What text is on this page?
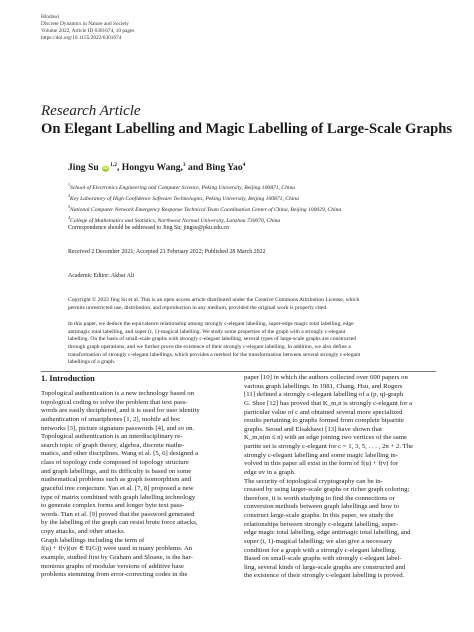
Hindawi
Discrete Dynamics in Nature and Society
Volume 2022, Article ID 6301674, 10 pages
https://doi.org/10.1155/2022/6301674
Research Article
On Elegant Labelling and Magic Labelling of Large-Scale Graphs
Jing Su iD$^{1,2}$, Hongyu Wang,$^3$ and Bing Yao$^4$
$^1$School of Electronics Engineering and Computer Science, Peking University, Beijing 100871, China
$^2$Key Laboratory of High Confidence Software Technologies, Peking University, Beijing 100871, China
$^3$National Computer Network Emergency Response Technical Team Coordination Center of China, Beijing 100029, China
$^4$College of Mathematics and Statistics, Northwest Normal University, Lanzhou 730070, China
Correspondence should be addressed to Jing Su; jingsu@pku.edu.cn
Received 2 December 2021; Accepted 21 February 2022; Published 28 March 2022
Academic Editor: Akbar Ali
Copyright © 2022 Jing Su et al. This is an open access article distributed under the Creative Commons Attribution License, which
permits unrestricted use, distribution, and reproduction in any medium, provided the original work is properly cited.
In this paper, we deduce the equivalence relationship among strongly c-elegant labelling, super-edge magic total labelling, edge
antimagic total labelling, and super (t, 1)-magical labelling. We study some properties of the graph with a strongly c-elegant
labelling. On the basis of small-scale graphs with strongly c-elegant labelling, several types of large-scale graphs are constructed
through graph operations, and we further prove the existence of their strongly c-elegant labelling. In addition, we also define a
transformation of strongly c-elegant labellings, which provides a method for the transformation between several strongly c-elegant
labellings of a graph.
1. Introduction
Topological authentication is a new technology based on
topological coding to solve the problem that text pass-
words are easily deciphered, and it is used for user identity
authentication of smartphones [1, 2], mobile ad hoc
networks [3], picture signature passwords [4], and so on.
Topological authentication is an interdisciplinary re-
search topic of graph theory, algebra, discrete mathe-
matics, and other disciplines. Wang et al. [5, 6] designed a
class of topology code composed of topology structure
and graph labellings, and its difficulty is based on some
mathematical problems such as graph isomorphism and
graceful tree conjecture. Yao et al. [7, 8] proposed a new
type of matrix combined with graph labelling technology
to generate complex forms and longer byte text pass-
words. Tian et al. [9] proved that the password generated
by the labelling of the graph can resist brute force attacks,
copy attacks, and other attacks.
Graph labellings including the term of
f(u) + f(v)(uv ∈ E(G)) were used in many problems. An
example, studied first by Graham and Sloane, is the har-
monious graphs of modular versions of additive base
problems stemming from error-correcting codes in the
paper [10] in which the authors collected over 600 papers on
various graph labellings. In 1981, Chang, Hsu, and Rogers
[11] defined a strongly c-elegant labelling of a (p, q)-graph
G. Shee [12] has proved that K_m,n is strongly c-elegant for a
particular value of c and obtained several more specialized
results pertaining to graphs formed from complete bipartite
graphs. Seoud and Elsakhawi [13] have shown that
K_m,n(m ≤ n) with an edge joining two vertices of the same
partite set is strongly c-elegant for c = 1, 3, 5, . . . , 2n + 2. The
strongly c-elegant labelling and some magic labelling in-
volved in this paper all exist in the form of f(u) + f(v) for
edge uv in a graph.
The security of topological cryptography can be in-
creased by using larger-scale graphs or richer graph coloring;
therefore, it is worth studying to find the connections or
conversion methods between graph labellings and how to
construct large-scale graphs. In this paper, we study the
relationships between strongly c-elegant labelling, super-
edge magic total labelling, edge antimagic total labelling, and
super (t, 1)-magical labelling; we also give a necessary
condition for a graph with a strongly c-elegant labelling.
Based on small-scale graphs with strongly c-elegant label-
ling, several kinds of large-scale graphs are constructed and
the existence of their strongly c-elegant labelling is proved.
